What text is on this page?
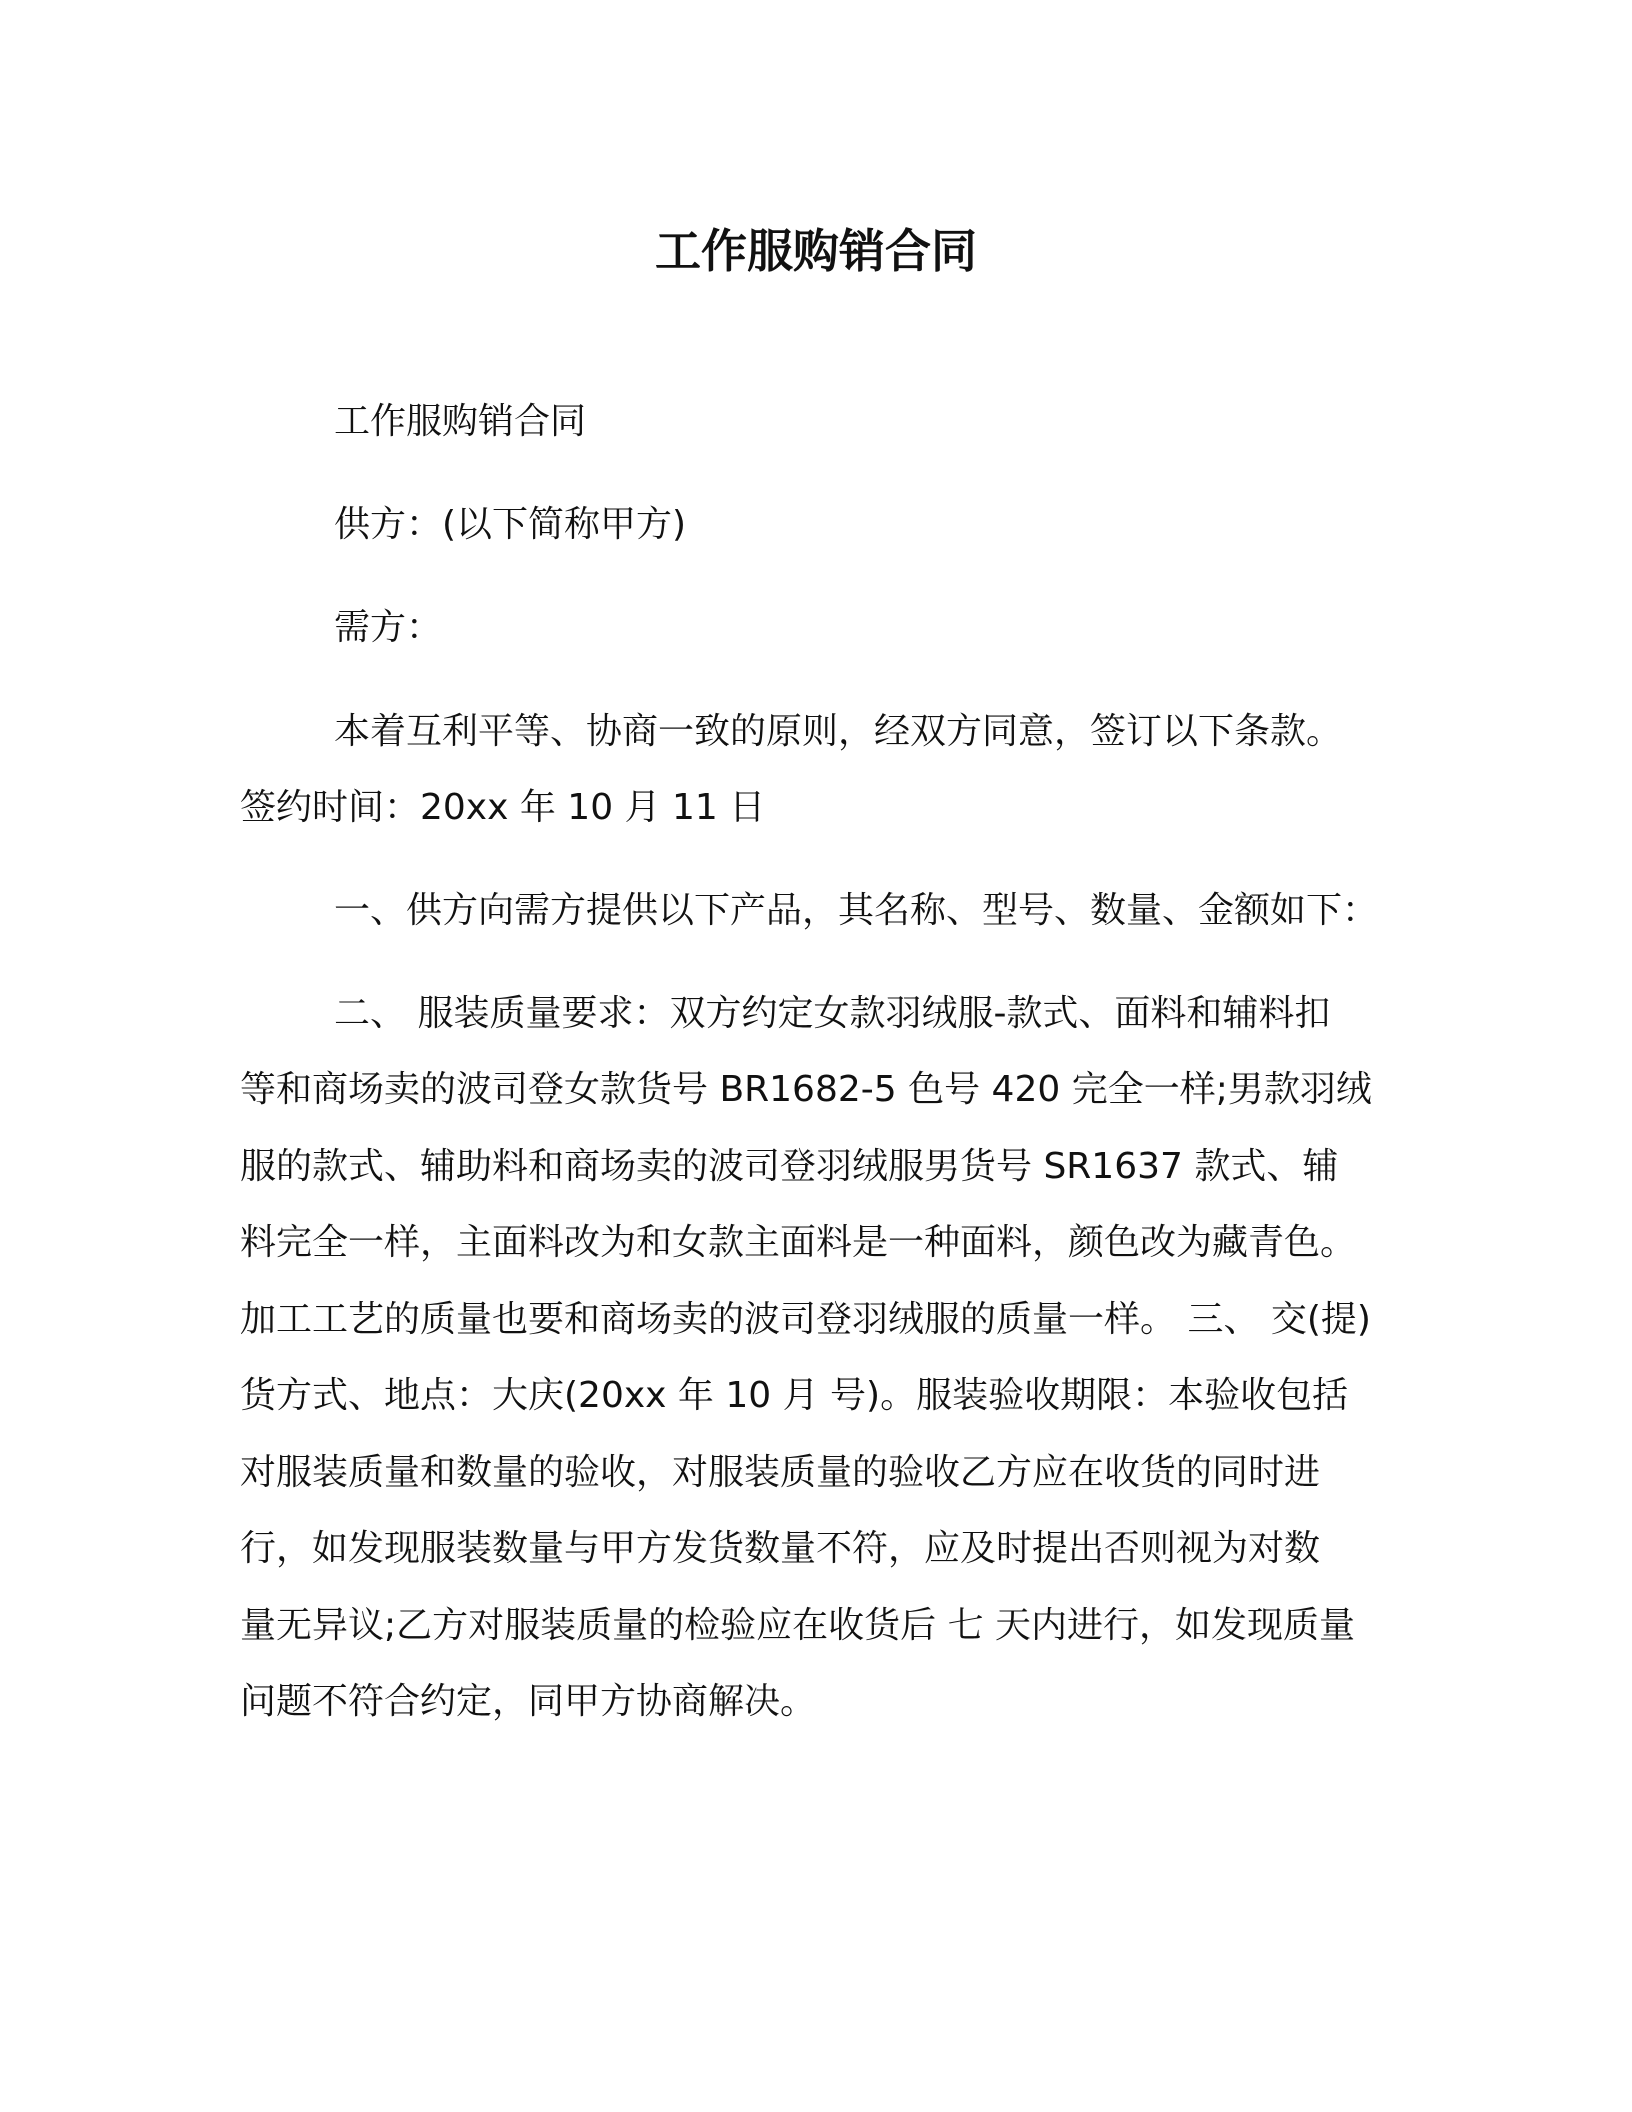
工作服购销合同
工作服购销合同
供方：(以下简称甲方)
需方：
本着互利平等、协商一致的原则，经双方同意，签订以下条款。
签约时间：20xx 年 10 月 11 日
一、供方向需方提供以下产品，其名称、型号、数量、金额如下：
二、 服装质量要求：双方约定女款羽绒服-款式、面料和辅料扣
等和商场卖的波司登女款货号 BR1682-5 色号 420 完全一样;男款羽绒
服的款式、辅助料和商场卖的波司登羽绒服男货号 SR1637 款式、辅
料完全一样，主面料改为和女款主面料是一种面料，颜色改为藏青色。
加工工艺的质量也要和商场卖的波司登羽绒服的质量一样。 三、 交(提)
货方式、地点：大庆(20xx 年 10 月 号)。服装验收期限：本验收包括
对服装质量和数量的验收，对服装质量的验收乙方应在收货的同时进
行，如发现服装数量与甲方发货数量不符，应及时提出否则视为对数
量无异议;乙方对服装质量的检验应在收货后 七 天内进行，如发现质量
问题不符合约定，同甲方协商解决。
